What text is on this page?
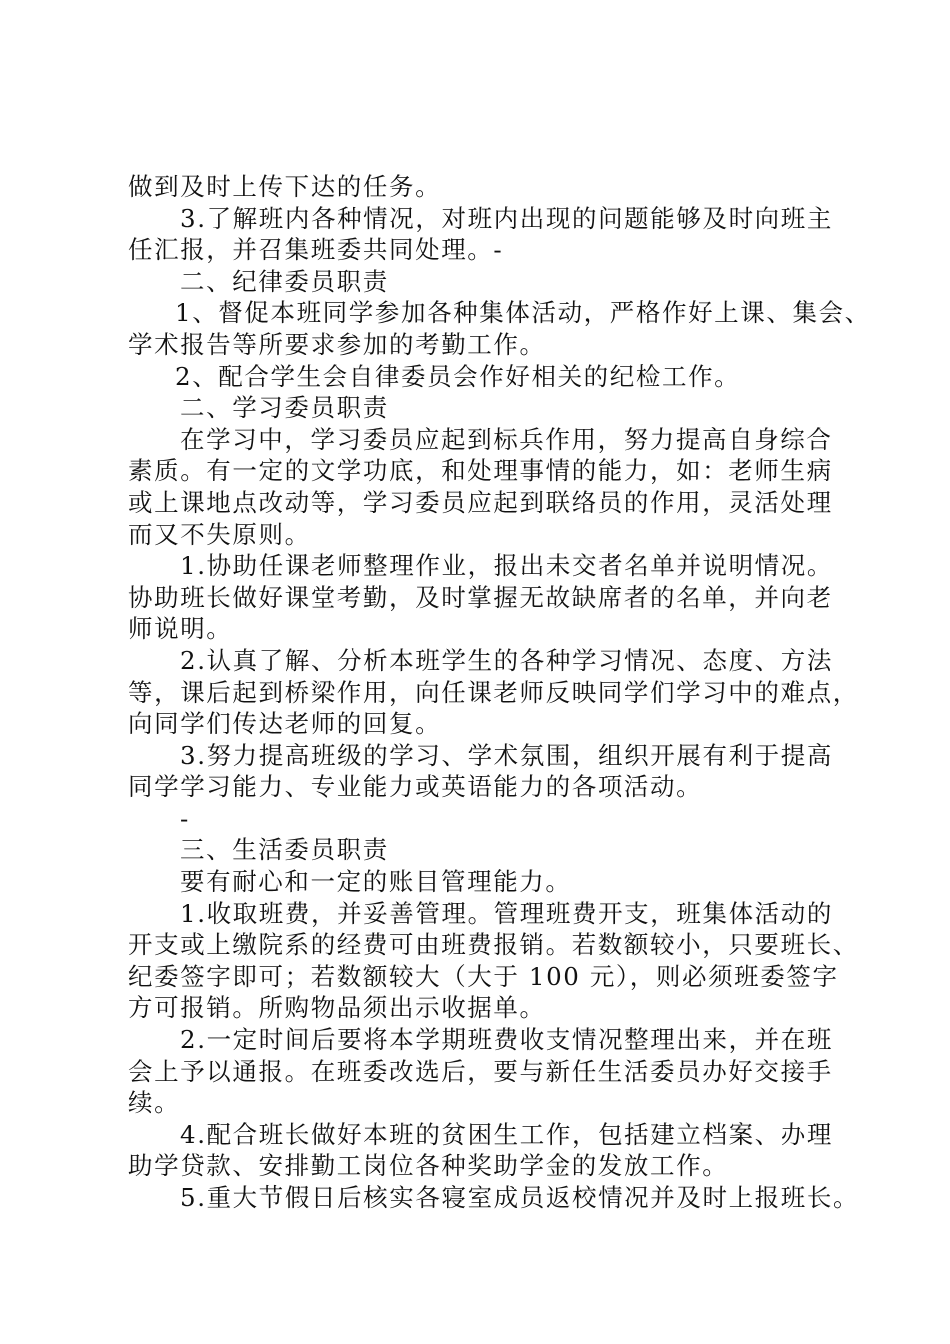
做到及时上传下达的任务。
3.了解班内各种情况，对班内出现的问题能够及时向班主
任汇报，并召集班委共同处理。-
二、纪律委员职责
1、督促本班同学参加各种集体活动，严格作好上课、集会、
学术报告等所要求参加的考勤工作。
2、配合学生会自律委员会作好相关的纪检工作。
二、学习委员职责
在学习中，学习委员应起到标兵作用，努力提高自身综合
素质。有一定的文学功底，和处理事情的能力，如：老师生病
或上课地点改动等，学习委员应起到联络员的作用，灵活处理
而又不失原则。
1.协助任课老师整理作业，报出未交者名单并说明情况。
协助班长做好课堂考勤，及时掌握无故缺席者的名单，并向老
师说明。
2.认真了解、分析本班学生的各种学习情况、态度、方法
等，课后起到桥梁作用，向任课老师反映同学们学习中的难点，
向同学们传达老师的回复。
3.努力提高班级的学习、学术氛围，组织开展有利于提高
同学学习能力、专业能力或英语能力的各项活动。
-
三、生活委员职责
要有耐心和一定的账目管理能力。
1.收取班费，并妥善管理。管理班费开支，班集体活动的
开支或上缴院系的经费可由班费报销。若数额较小，只要班长、
纪委签字即可；若数额较大（大于 100 元），则必须班委签字
方可报销。所购物品须出示收据单。
2.一定时间后要将本学期班费收支情况整理出来，并在班
会上予以通报。在班委改选后，要与新任生活委员办好交接手
续。
4.配合班长做好本班的贫困生工作，包括建立档案、办理
助学贷款、安排勤工岗位各种奖助学金的发放工作。
5.重大节假日后核实各寝室成员返校情况并及时上报班长。
